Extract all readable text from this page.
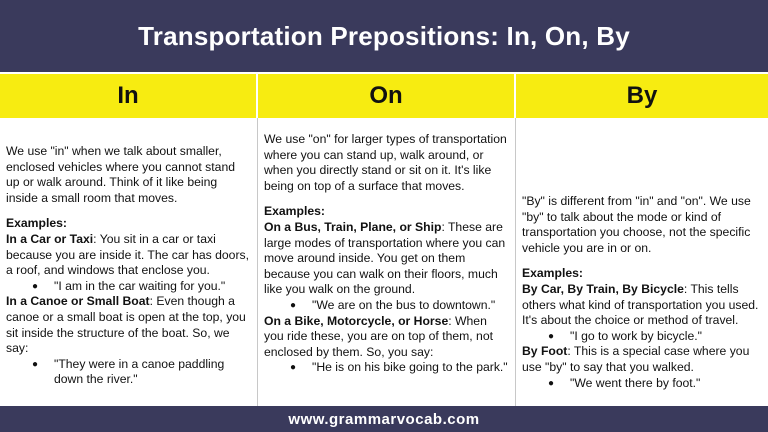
Transportation Prepositions: In, On, By
In	On	By

We use "in" when we talk about smaller, enclosed vehicles where you cannot stand up or walk around. Think of it like being inside a small room that moves.

Examples:

In a Car or Taxi: You sit in a car or taxi because you are inside it. The car has doors, a roof, and windows that enclose you.

●	"I am in the car waiting for you."

In a Canoe or Small Boat: Even though a canoe or a small boat is open at the top, you sit inside the structure of the boat. So, we say:

●	"They were in a canoe paddling down the river."

We use "on" for larger types of transportation where you can stand up, walk around, or when you directly stand or sit on it. It's like being on top of a surface that moves.

Examples:

On a Bus, Train, Plane, or Ship: These are large modes of transportation where you can move around inside. You get on them because you can walk on their floors, much like you walk on the ground.

●	"We are on the bus to downtown."

On a Bike, Motorcycle, or Horse: When you ride these, you are on top of them, not enclosed by them. So, you say:

●	"He is on his bike going to the park."

"By" is different from "in" and "on". We use "by" to talk about the mode or kind of transportation you choose, not the specific vehicle you are in or on.

Examples:

By Car, By Train, By Bicycle: This tells others what kind of transportation you used. It's about the choice or method of travel.

●	"I go to work by bicycle."

By Foot: This is a special case where you use "by" to say that you walked.

●	"We went there by foot."
www.grammarvocab.com
